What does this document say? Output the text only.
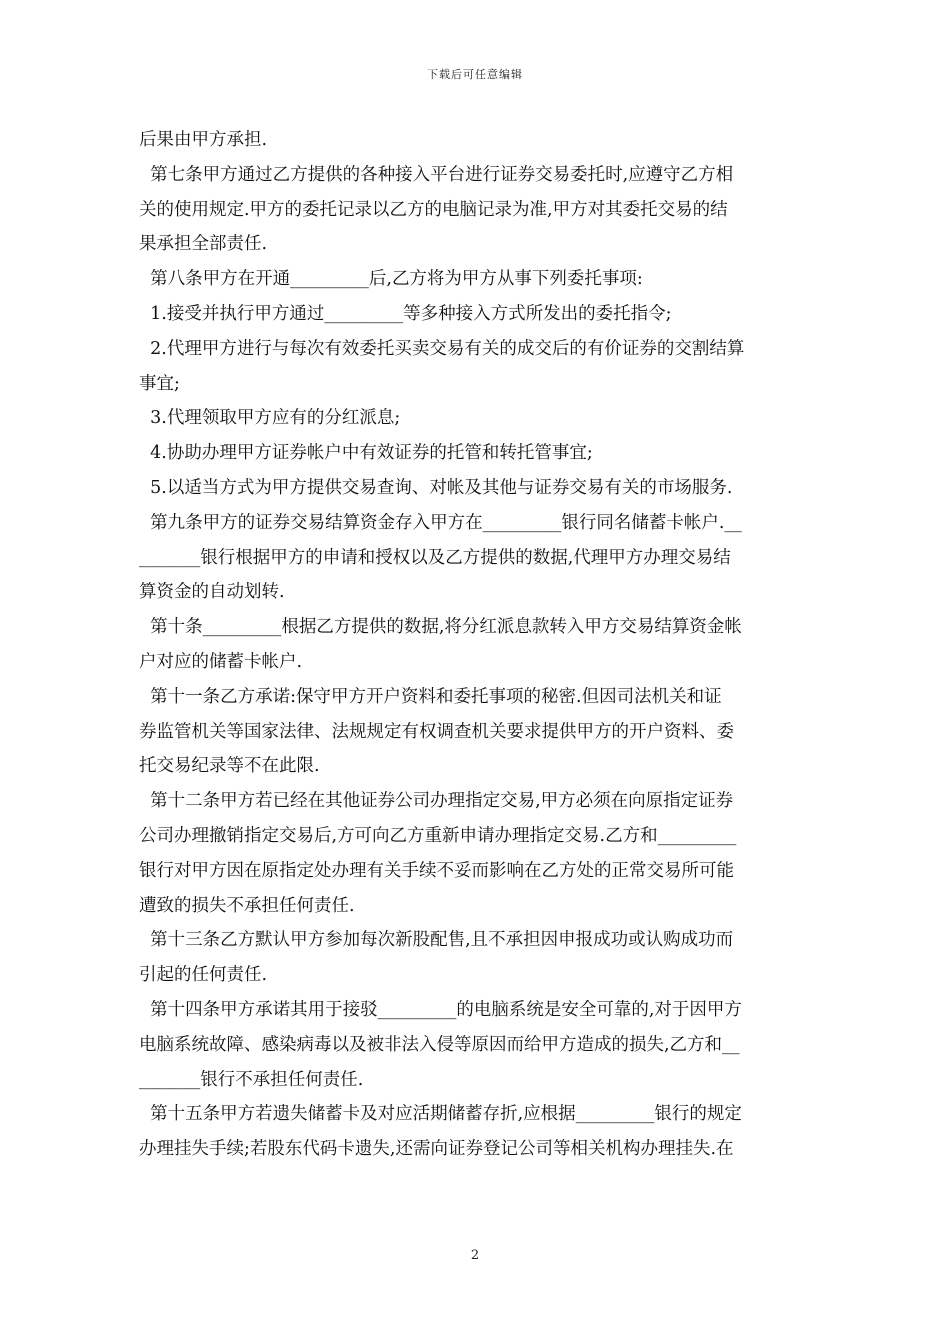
下载后可任意编辑
后果由甲方承担.
第七条甲方通过乙方提供的各种接入平台进行证券交易委托时,应遵守乙方相
关的使用规定.甲方的委托记录以乙方的电脑记录为准,甲方对其委托交易的结
果承担全部责任.
第八条甲方在开通_________后,乙方将为甲方从事下列委托事项:
1.接受并执行甲方通过_________等多种接入方式所发出的委托指令;
2.代理甲方进行与每次有效委托买卖交易有关的成交后的有价证券的交割结算
事宜;
3.代理领取甲方应有的分红派息;
4.协助办理甲方证券帐户中有效证券的托管和转托管事宜;
5.以适当方式为甲方提供交易查询、对帐及其他与证券交易有关的市场服务.
第九条甲方的证券交易结算资金存入甲方在_________银行同名储蓄卡帐户.__
_______银行根据甲方的申请和授权以及乙方提供的数据,代理甲方办理交易结
算资金的自动划转.
第十条_________根据乙方提供的数据,将分红派息款转入甲方交易结算资金帐
户对应的储蓄卡帐户.
第十一条乙方承诺:保守甲方开户资料和委托事项的秘密.但因司法机关和证
券监管机关等国家法律、法规规定有权调查机关要求提供甲方的开户资料、委
托交易纪录等不在此限.
第十二条甲方若已经在其他证券公司办理指定交易,甲方必须在向原指定证券
公司办理撤销指定交易后,方可向乙方重新申请办理指定交易.乙方和_________
银行对甲方因在原指定处办理有关手续不妥而影响在乙方处的正常交易所可能
遭致的损失不承担任何责任.
第十三条乙方默认甲方参加每次新股配售,且不承担因申报成功或认购成功而
引起的任何责任.
第十四条甲方承诺其用于接驳_________的电脑系统是安全可靠的,对于因甲方
电脑系统故障、感染病毒以及被非法入侵等原因而给甲方造成的损失,乙方和__
_______银行不承担任何责任.
第十五条甲方若遗失储蓄卡及对应活期储蓄存折,应根据_________银行的规定
办理挂失手续;若股东代码卡遗失,还需向证券登记公司等相关机构办理挂失.在
2
